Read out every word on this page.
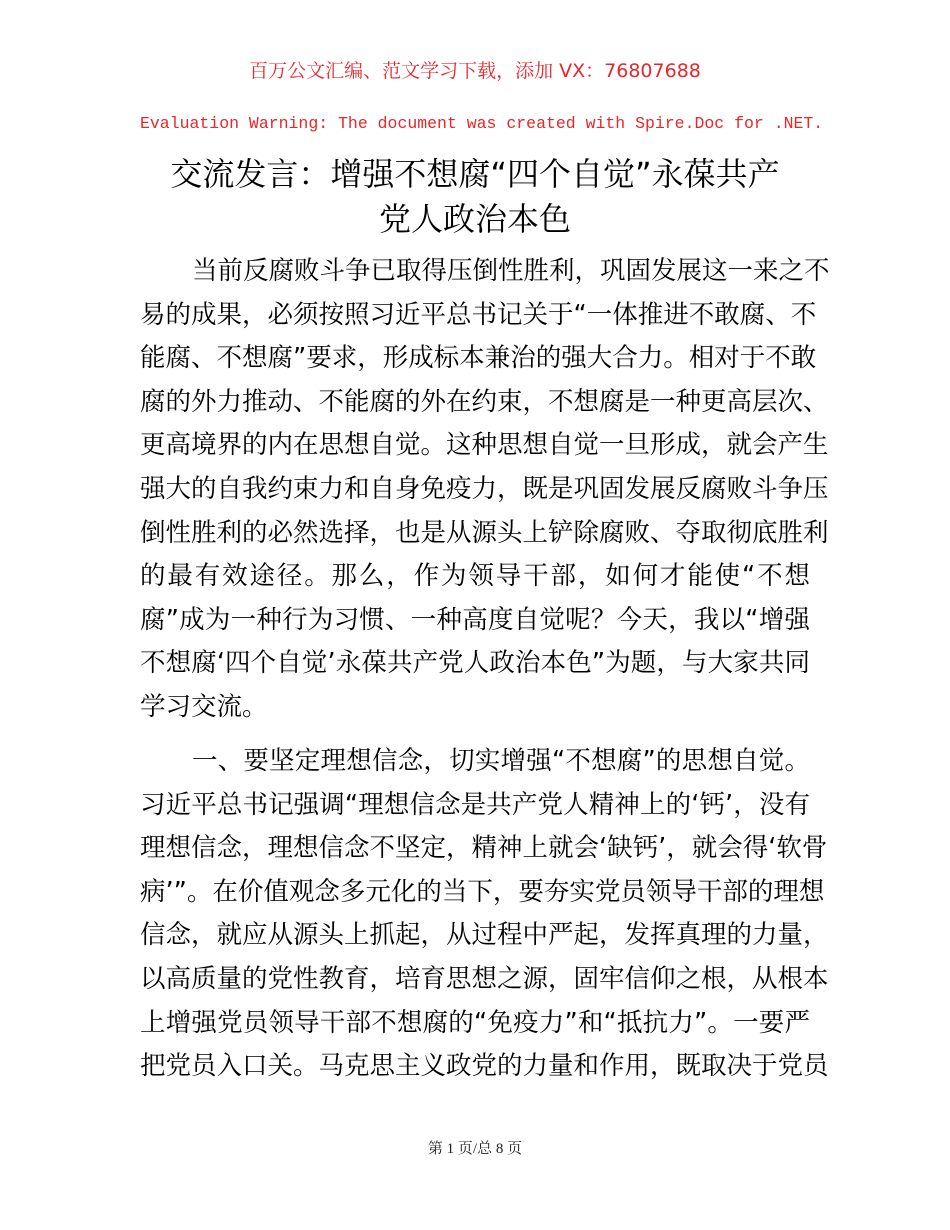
百万公文汇编、范文学习下载，添加 VX：76807688
Evaluation Warning: The document was created with Spire.Doc for .NET.
交流发言：增强不想腐“四个自觉”永葆共产
党人政治本色
当前反腐败斗争已取得压倒性胜利，巩固发展这一来之不
易的成果，必须按照习近平总书记关于“一体推进不敢腐、不
能腐、不想腐”要求，形成标本兼治的强大合力。相对于不敢
腐的外力推动、不能腐的外在约束，不想腐是一种更高层次、
更高境界的内在思想自觉。这种思想自觉一旦形成，就会产生
强大的自我约束力和自身免疫力，既是巩固发展反腐败斗争压
倒性胜利的必然选择，也是从源头上铲除腐败、夺取彻底胜利
的最有效途径。那么，作为领导干部，如何才能使“不想
腐”成为一种行为习惯、一种高度自觉呢？今天，我以“增强
不想腐‘四个自觉’永葆共产党人政治本色”为题，与大家共同
学习交流。
一、要坚定理想信念，切实增强“不想腐”的思想自觉。
习近平总书记强调“理想信念是共产党人精神上的‘钙’，没有
理想信念，理想信念不坚定，精神上就会‘缺钙’，就会得‘软骨
病’”。在价值观念多元化的当下，要夯实党员领导干部的理想
信念，就应从源头上抓起，从过程中严起，发挥真理的力量，
以高质量的党性教育，培育思想之源，固牢信仰之根，从根本
上增强党员领导干部不想腐的“免疫力”和“抵抗力”。一要严
把党员入口关。马克思主义政党的力量和作用，既取决于党员
第 1 页/总 8 页
